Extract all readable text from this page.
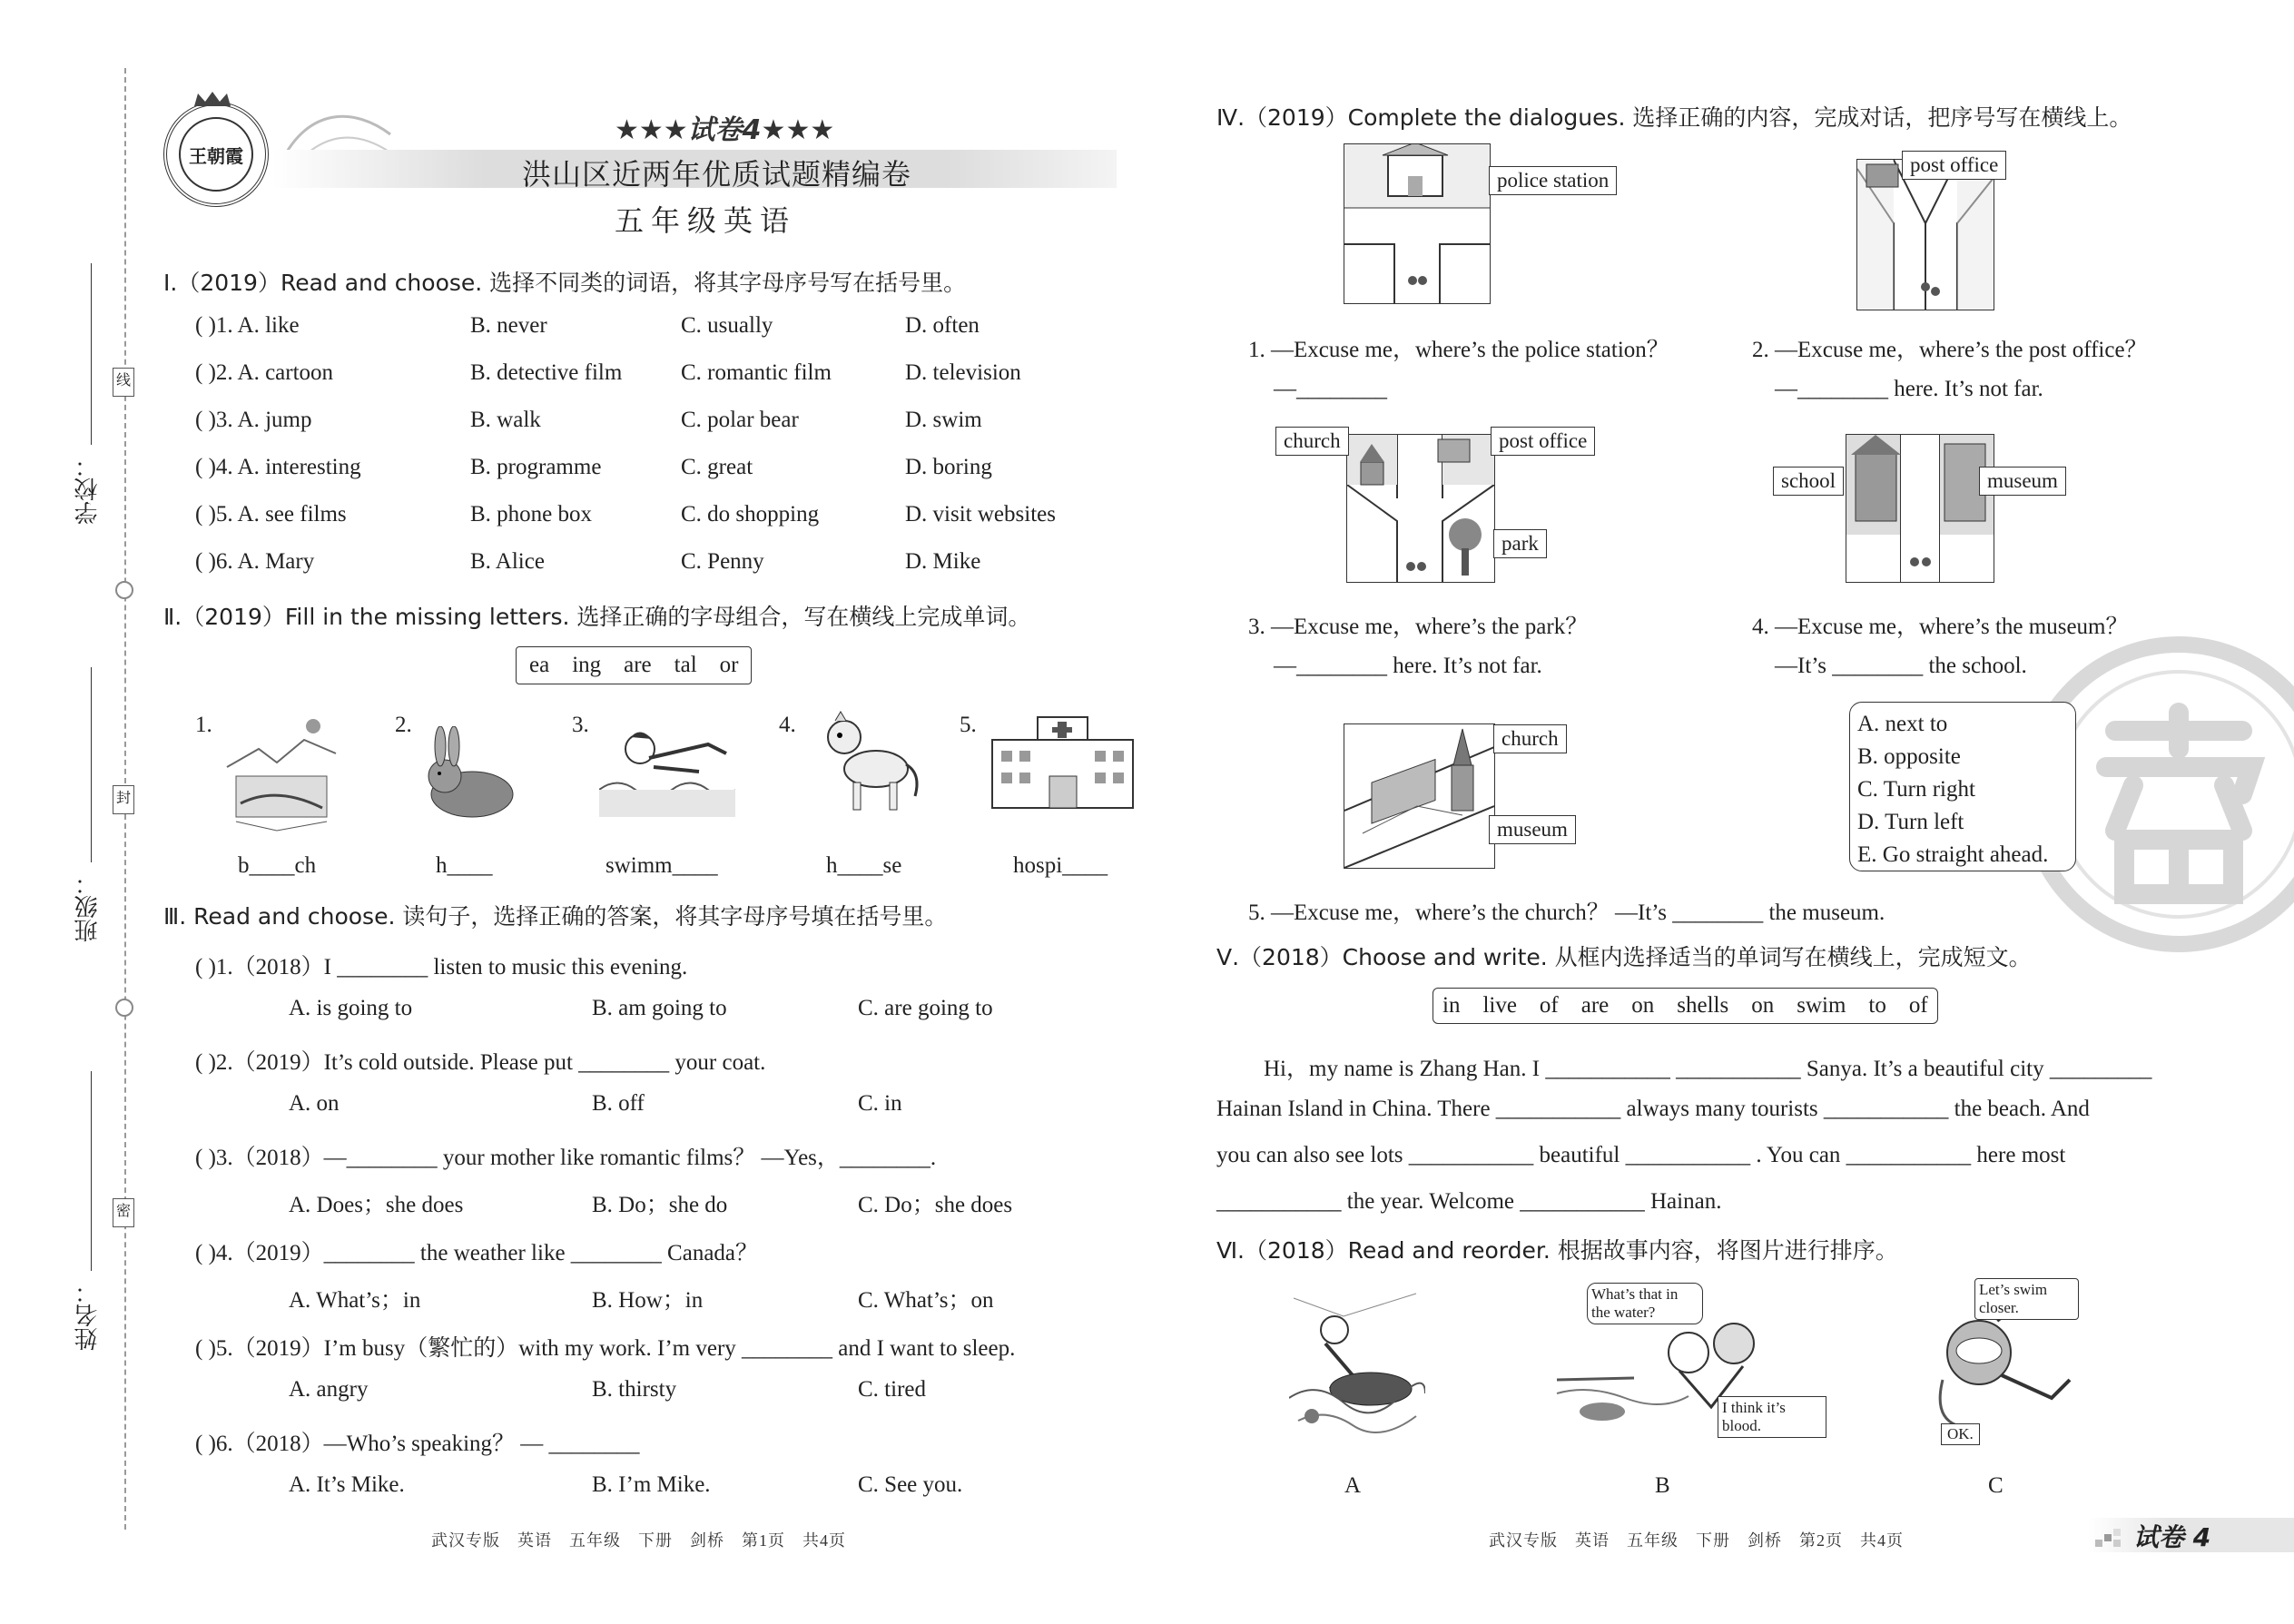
学校：
班级：
姓名：
线
封
密
王朝霞
★★★试卷4★★★
洪山区近两年优质试题精编卷
五年级英语
Ⅰ.（2019）Read and choose. 选择不同类的词语，将其字母序号写在括号里。
( )1. A. like	B. never	C. usually	D. often
( )2. A. cartoon	B. detective film	C. romantic film	D. television
( )3. A. jump	B. walk	C. polar bear	D. swim
( )4. A. interesting	B. programme	C. great	D. boring
( )5. A. see films	B. phone box	C. do shopping	D. visit websites
( )6. A. Mary	B. Alice	C. Penny	D. Mike
Ⅱ.（2019）Fill in the missing letters. 选择正确的字母组合，写在横线上完成单词。
ea    ing    are    tal    or
1.
b____ch
2.
h____
3.
swimm____
4.
h____se
5.
hospi____
Ⅲ. Read and choose. 读句子，选择正确的答案，将其字母序号填在括号里。
( )1.（2018）I ________ listen to music this evening.
A. is going to	B. am going to	C. are going to
( )2.（2019）It’s cold outside. Please put ________ your coat.
A. on	B. off	C. in
( )3.（2018）—________ your mother like romantic films？ —Yes，________.
A. Does；she does	B. Do；she do	C. Do；she does
( )4.（2019）________ the weather like ________ Canada？
A. What’s；in	B. How；in	C. What’s；on
( )5.（2019）I’m busy（繁忙的）with my work. I’m very ________ and I want to sleep.
A. angry	B. thirsty	C. tired
( )6.（2018）—Who’s speaking？ — ________
A. It’s Mike.	B. I’m Mike.	C. See you.
武汉专版　英语　五年级　下册　剑桥　第1页　共4页	武汉专版　英语　五年级　下册　剑桥　第2页　共4页	试卷 4
Ⅳ.（2019）Complete the dialogues. 选择正确的内容，完成对话，把序号写在横线上。
police station
post office
1. —Excuse me，where’s the police station？
—________
2. —Excuse me，where’s the post office？
—________ here. It’s not far.
church	post office
park
school	museum
3. —Excuse me，where’s the park？
—________ here. It’s not far.
4. —Excuse me，where’s the museum？
—It’s ________ the school.
church
museum
A. next to
B. opposite
C. Turn right
D. Turn left
E. Go straight ahead.
5. —Excuse me，where’s the church？ —It’s ________ the museum.
Ⅴ.（2018）Choose and write. 从框内选择适当的单词写在横线上，完成短文。
in    live    of    are    on    shells    on    swim    to    of
Hi，my name is Zhang Han. I ___________ ___________ Sanya. It’s a beautiful city _________
Hainan Island in China. There ___________ always many tourists ___________ the beach. And
you can also see lots ___________ beautiful ___________ . You can ___________ here most
___________ the year. Welcome ___________ Hainan.
Ⅵ.（2018）Read and reorder. 根据故事内容，将图片进行排序。
What’s that in the water?
I think it’s blood.
Let’s swim closer.
OK.
A	B	C
